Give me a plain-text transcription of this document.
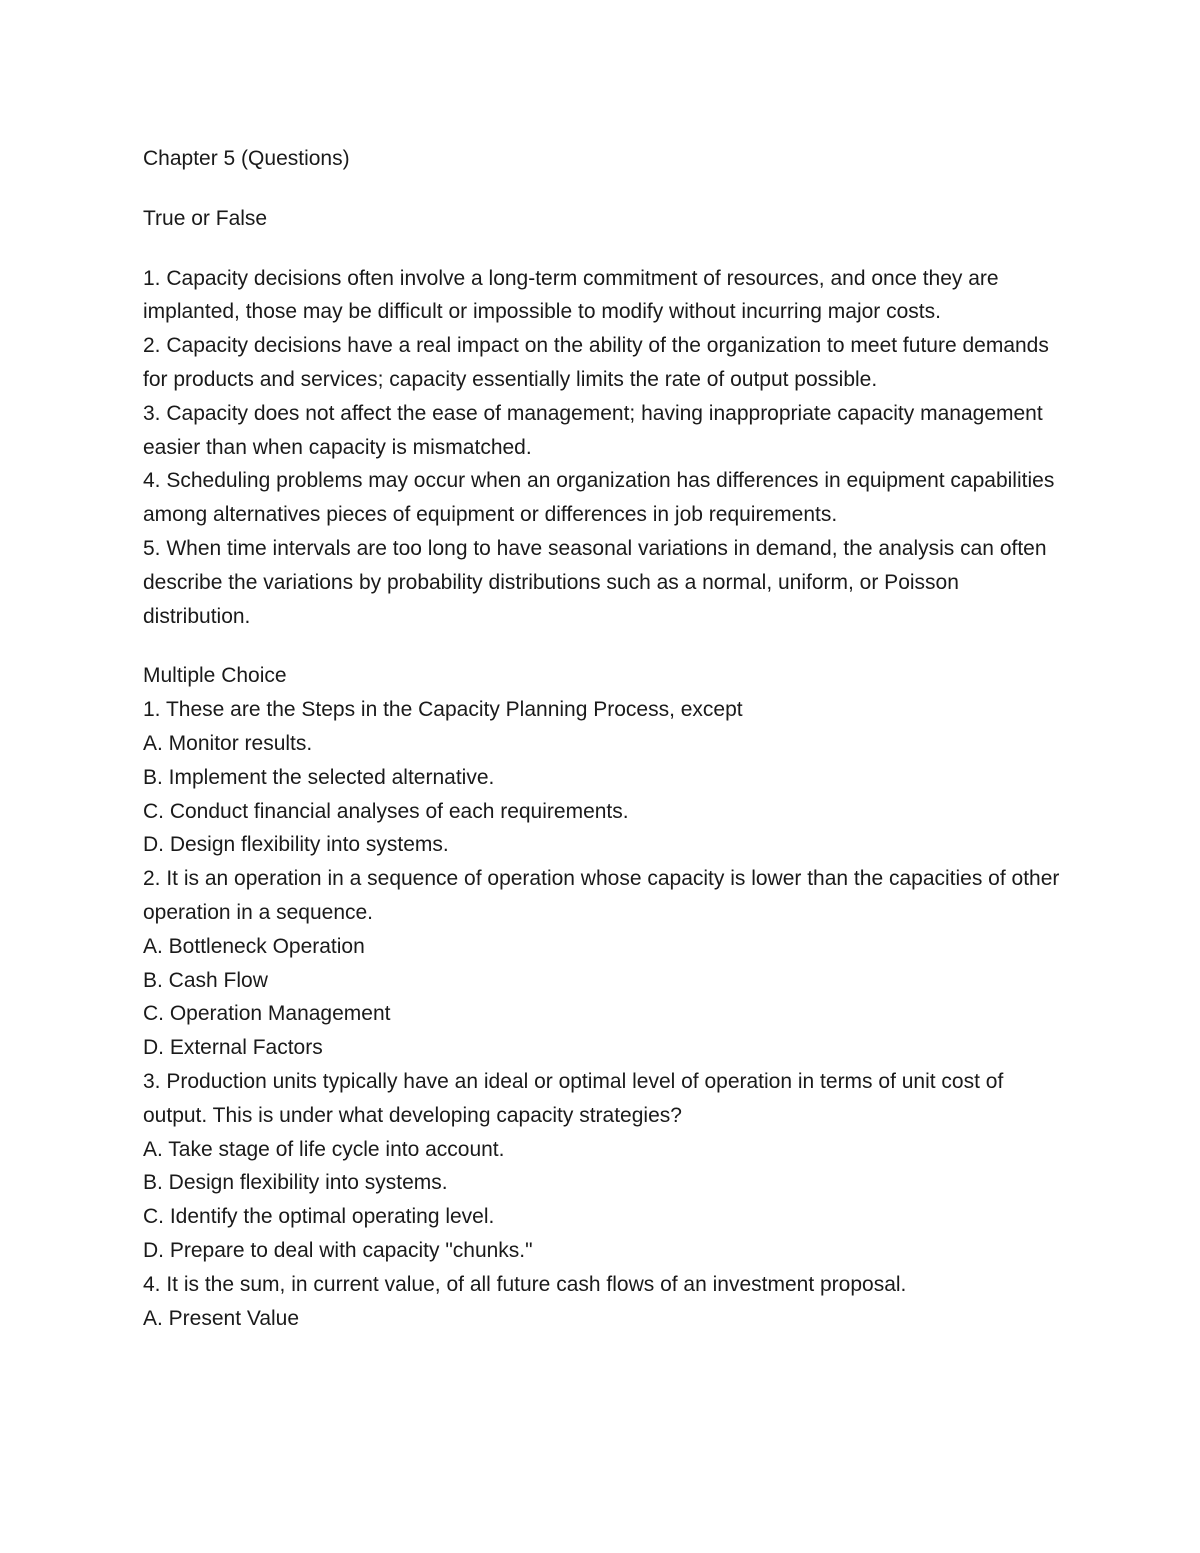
Chapter 5 (Questions)

True or False

1. Capacity decisions often involve a long-term commitment of resources, and once they are implanted, those may be difficult or impossible to modify without incurring major costs.

2. Capacity decisions have a real impact on the ability of the organization to meet future demands for products and services; capacity essentially limits the rate of output possible.

3. Capacity does not affect the ease of management; having inappropriate capacity management easier than when capacity is mismatched.

4. Scheduling problems may occur when an organization has differences in equipment capabilities among alternatives pieces of equipment or differences in job requirements.

5. When time intervals are too long to have seasonal variations in demand, the analysis can often describe the variations by probability distributions such as a normal, uniform, or Poisson distribution.

Multiple Choice

1. These are the Steps in the Capacity Planning Process, except

A. Monitor results.

B. Implement the selected alternative.

C. Conduct financial analyses of each requirements.

D. Design flexibility into systems.

2. It is an operation in a sequence of operation whose capacity is lower than the capacities of other operation in a sequence.

A. Bottleneck Operation

B. Cash Flow

C. Operation Management

D. External Factors

3. Production units typically have an ideal or optimal level of operation in terms of unit cost of output. This is under what developing capacity strategies?

A. Take stage of life cycle into account.

B. Design flexibility into systems.

C. Identify the optimal operating level.

D. Prepare to deal with capacity "chunks."

4. It is the sum, in current value, of all future cash flows of an investment proposal.

A. Present Value
